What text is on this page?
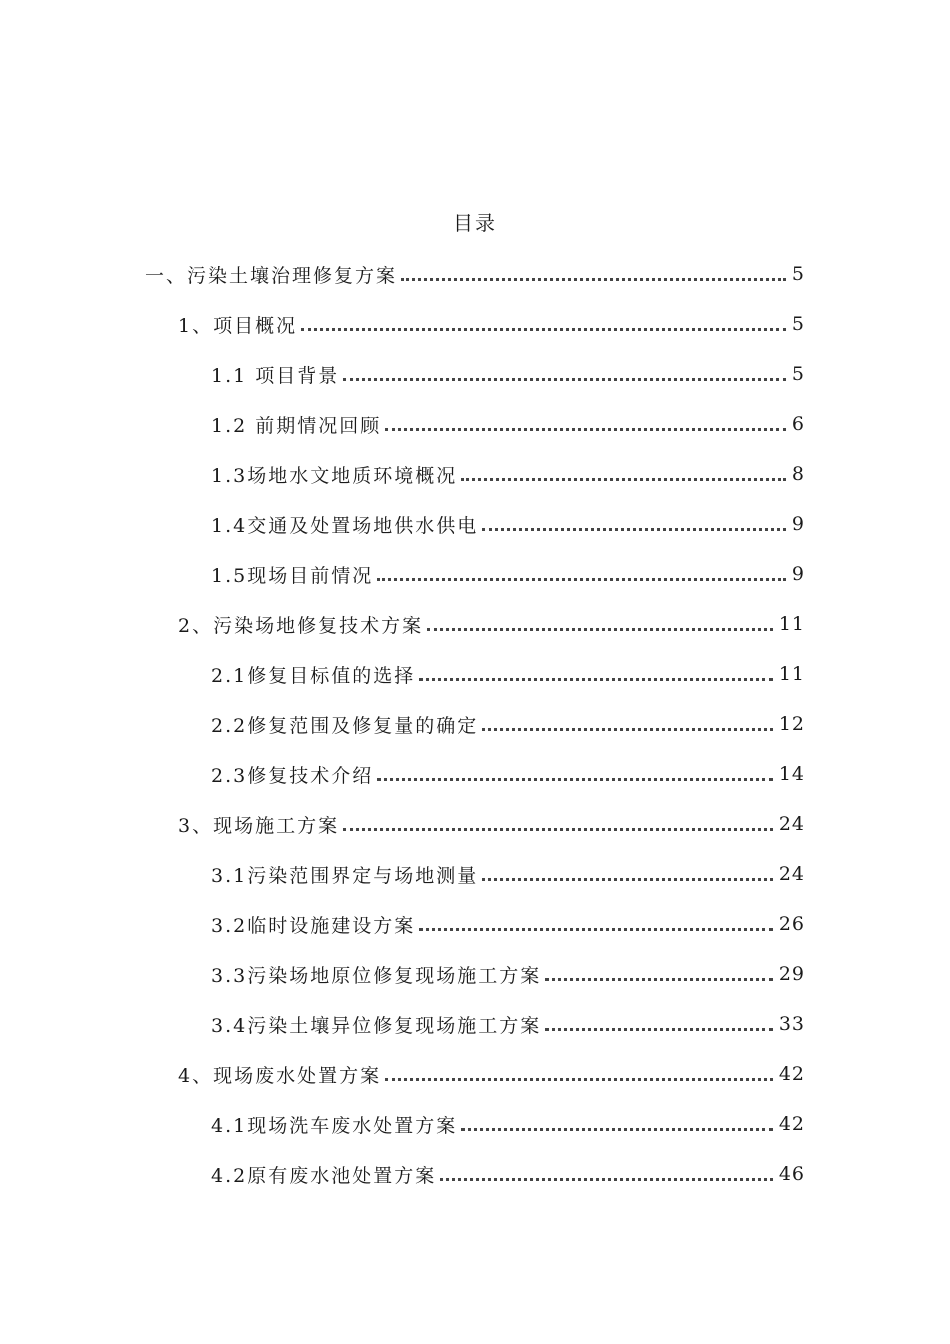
目录
一、污染土壤治理修复方案	5
1、项目概况	5
1.1 项目背景	5
1.2 前期情况回顾	6
1.3场地水文地质环境概况	8
1.4交通及处置场地供水供电	9
1.5现场目前情况	9
2、污染场地修复技术方案	11
2.1修复目标值的选择	11
2.2修复范围及修复量的确定	12
2.3修复技术介绍	14
3、现场施工方案	24
3.1污染范围界定与场地测量	24
3.2临时设施建设方案	26
3.3污染场地原位修复现场施工方案	29
3.4污染土壤异位修复现场施工方案	33
4、现场废水处置方案	42
4.1现场洗车废水处置方案	42
4.2原有废水池处置方案	46
